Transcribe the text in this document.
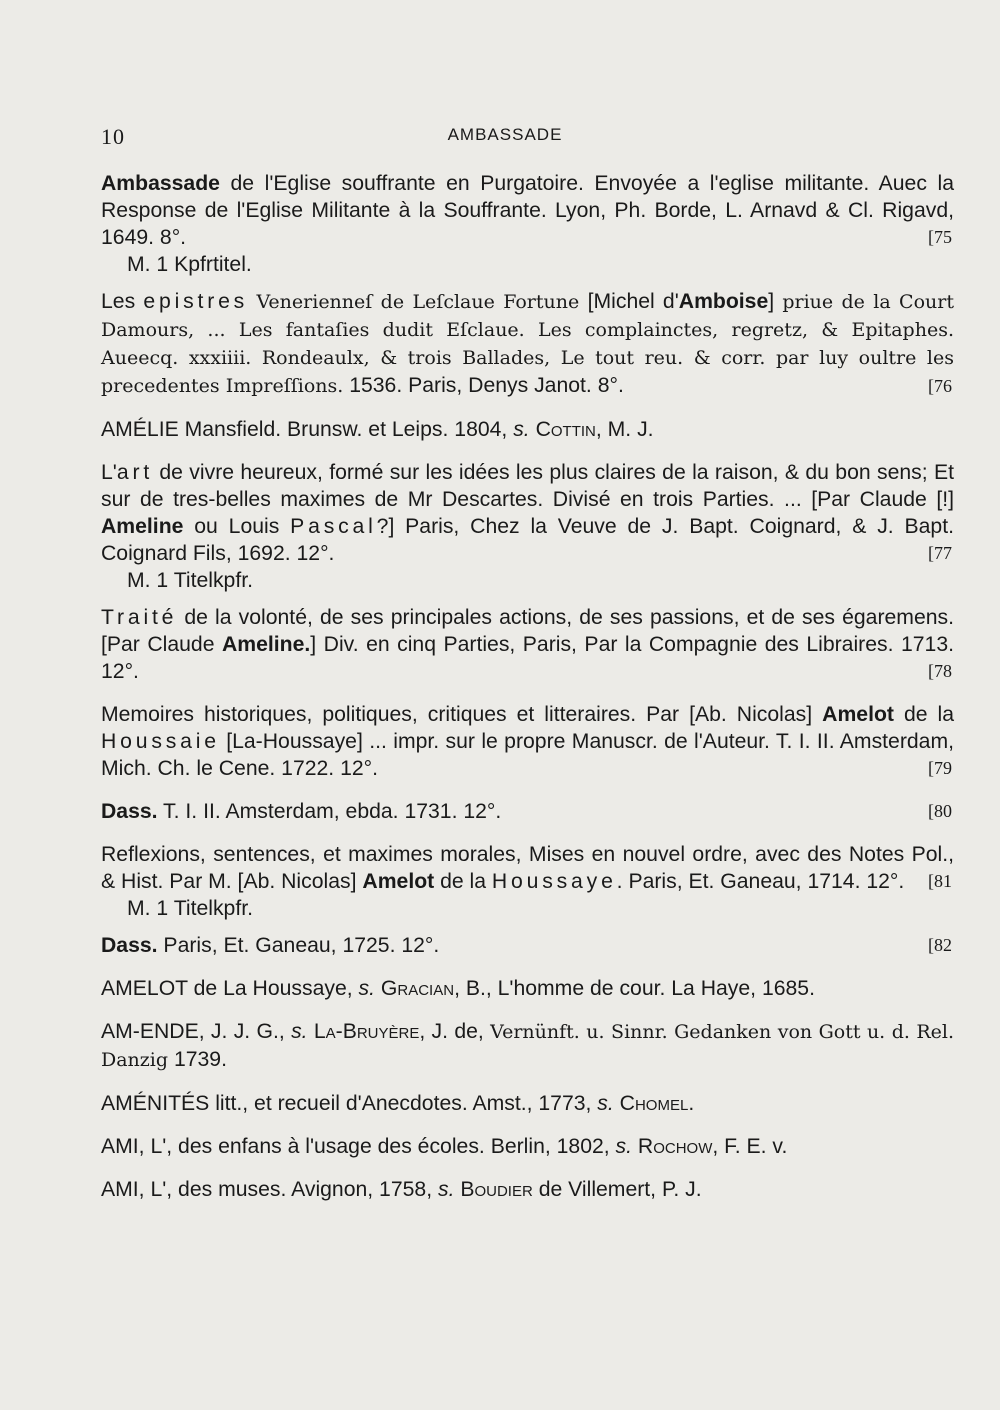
10	AMBASSADE
Ambassade de l'Eglise souffrante en Purgatoire. Envoyée a l'eglise militante. Auec la Response de l'Eglise Militante à la Souffrante. Lyon, Ph. Borde, L. Arnavd & Cl. Rigavd, 1649. 8°.	[75
M. 1 Kpfrtitel.
Les epistres Venerienneſ de Leſclaue Fortune [Michel d'Amboise] priue de la Court Damours, ... Les fantaſies dudit Eſclaue. Les complainctes, regretz, & Epitaphes. Aueecq. xxxiiii. Rondeaulx, & trois Ballades, Le tout reu. & corr. par luy oultre les precedentes Impreſſions. 1536. Paris, Denys Janot. 8°.	[76
AMÉLIE Mansfield. Brunsw. et Leips. 1804, s. Cottin, M. J.
L'art de vivre heureux, formé sur les idées les plus claires de la raison, & du bon sens; Et sur de tres-belles maximes de Mr Descartes. Divisé en trois Parties. ... [Par Claude [!] Ameline ou Louis Pascal?] Paris, Chez la Veuve de J. Bapt. Coignard, & J. Bapt. Coignard Fils, 1692. 12°.	[77
M. 1 Titelkpfr.
Traité de la volonté, de ses principales actions, de ses passions, et de ses égaremens. [Par Claude Ameline.] Div. en cinq Parties, Paris, Par la Compagnie des Libraires. 1713. 12°.	[78
Memoires historiques, politiques, critiques et litteraires. Par [Ab. Nicolas] Amelot de la Houssaie [La-Houssaye] ... impr. sur le propre Manuscr. de l'Auteur. T. I. II. Amsterdam, Mich. Ch. le Cene. 1722. 12°.	[79
Dass. T. I. II. Amsterdam, ebda. 1731. 12°.	[80
Reflexions, sentences, et maximes morales, Mises en nouvel ordre, avec des Notes Pol., & Hist. Par M. [Ab. Nicolas] Amelot de la Houssaye. Paris, Et. Ganeau, 1714. 12°.	[81
M. 1 Titelkpfr.
Dass. Paris, Et. Ganeau, 1725. 12°.	[82
AMELOT de La Houssaye, s. Gracian, B., L'homme de cour. La Haye, 1685.
AM-ENDE, J. J. G., s. La-Bruyère, J. de, Vernünft. u. Sinnr. Gedanken von Gott u. d. Rel. Danzig 1739.
AMÉNITÉS litt., et recueil d'Anecdotes. Amst., 1773, s. Chomel.
AMI, L', des enfans à l'usage des écoles. Berlin, 1802, s. Rochow, F. E. v.
AMI, L', des muses. Avignon, 1758, s. Boudier de Villemert, P. J.
